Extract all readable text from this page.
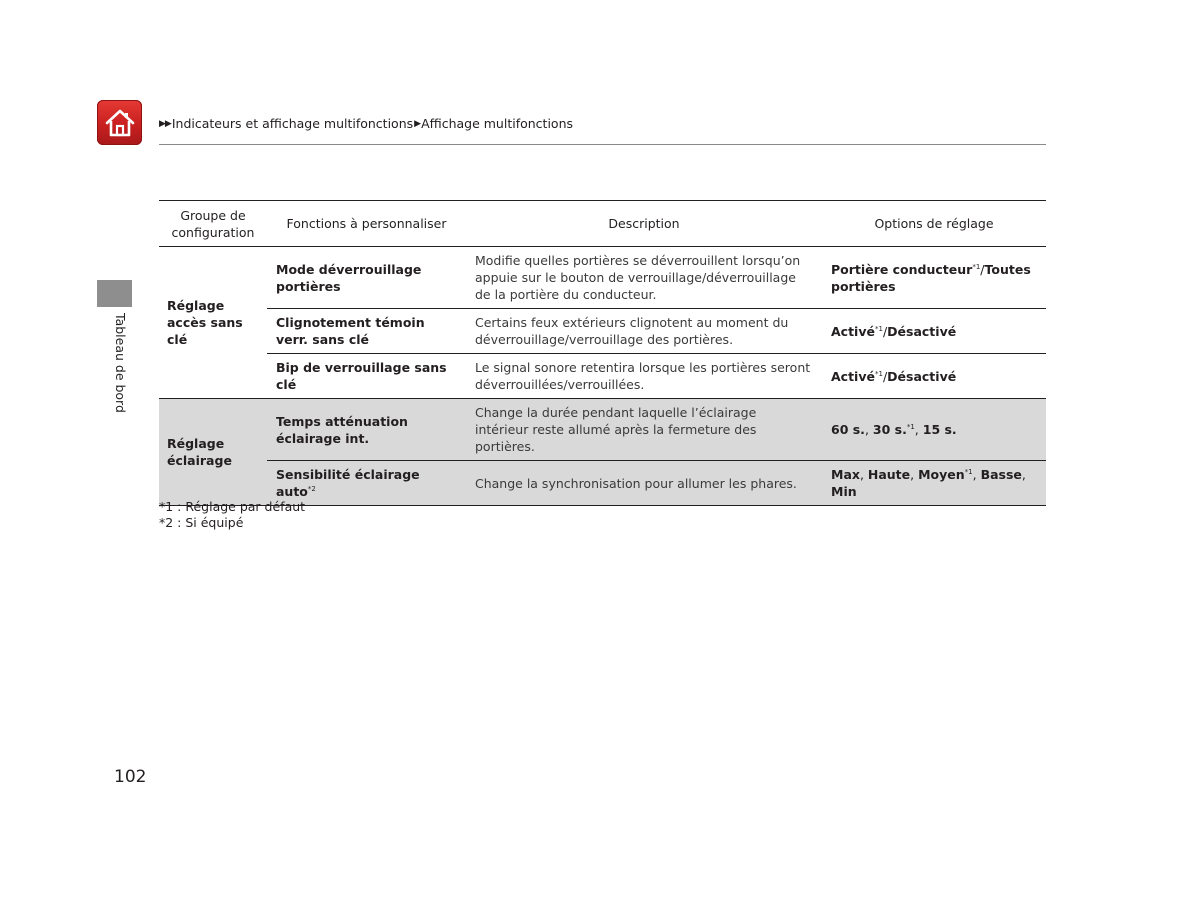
▶▶ Indicateurs et affichage multifonctions ▶ Affichage multifonctions
Tableau de bord
Groupe de configuration	Fonctions à personnaliser	Description	Options de réglage
Réglage accès sans clé	Mode déverrouillage portières	Modifie quelles portières se déverrouillent lorsqu’on appuie sur le bouton de verrouillage/déverrouillage de la portière du conducteur.	Portière conducteur$^{*1}$/Toutes portières
	Clignotement témoin verr. sans clé	Certains feux extérieurs clignotent au moment du déverrouillage/verrouillage des portières.	Activé$^{*1}$/Désactivé
	Bip de verrouillage sans clé	Le signal sonore retentira lorsque les portières seront déverrouillées/verrouillées.	Activé$^{*1}$/Désactivé
Réglage éclairage	Temps atténuation éclairage int.	Change la durée pendant laquelle l’éclairage intérieur reste allumé après la fermeture des portières.	60 s., 30 s.$^{*1}$, 15 s.
	Sensibilité éclairage auto$^{*2}$	Change la synchronisation pour allumer les phares.	Max, Haute, Moyen$^{*1}$, Basse, Min
*1 : Réglage par défaut
*2 : Si équipé
102
